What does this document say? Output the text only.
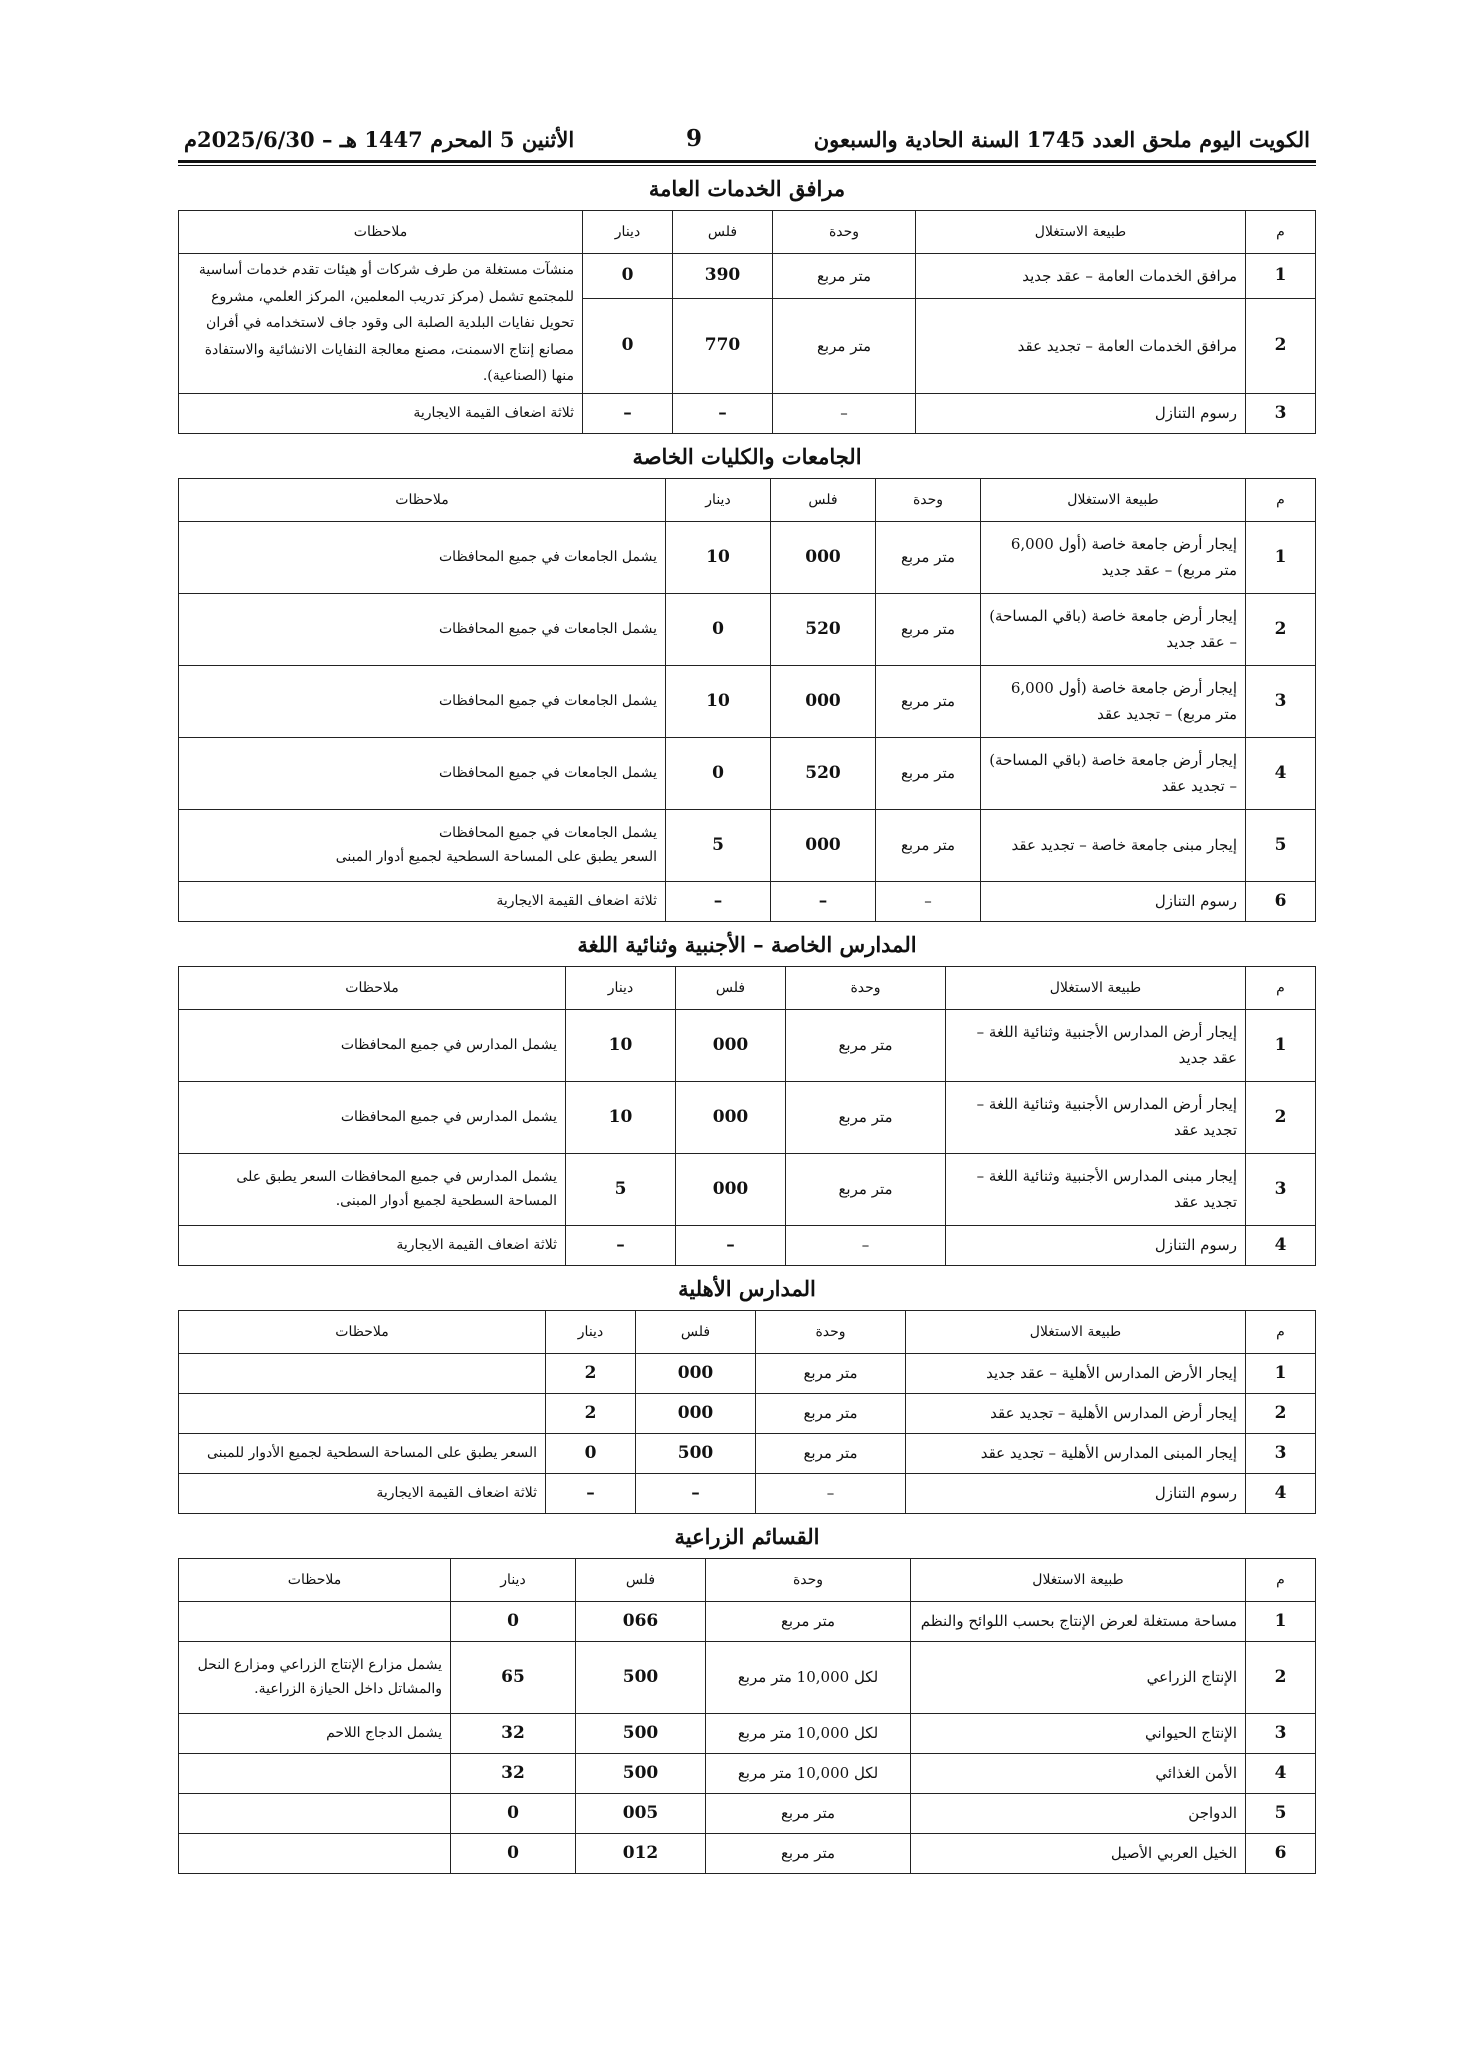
الكويت اليوم ملحق العدد 1745 السنة الحادية والسبعون
9
الأثنين 5 المحرم 1447 هـ – 2025/6/30م
مرافق الخدمات العامة
م	طبيعة الاستغلال	وحدة	فلس	دينار	ملاحظات
1	مرافق الخدمات العامة – عقد جديد	متر مربع	390	0	منشآت مستغلة من طرف شركات أو هيئات تقدم خدمات أساسية للمجتمع تشمل (مركز تدريب المعلمين، المركز العلمي، مشروع تحويل نفايات البلدية الصلبة الى وقود جاف لاستخدامه في أفران مصانع إنتاج الاسمنت، مصنع معالجة النفايات الانشائية والاستفادة منها (الصناعية).
2	مرافق الخدمات العامة – تجديد عقد	متر مربع	770	0	
3	رسوم التنازل	–	–	–	ثلاثة اضعاف القيمة الايجارية
الجامعات والكليات الخاصة
م	طبيعة الاستغلال	وحدة	فلس	دينار	ملاحظات
1	إيجار أرض جامعة خاصة (أول 6,000 متر مربع) – عقد جديد	متر مربع	000	10	يشمل الجامعات في جميع المحافظات
2	إيجار أرض جامعة خاصة (باقي المساحة) – عقد جديد	متر مربع	520	0	يشمل الجامعات في جميع المحافظات
3	إيجار أرض جامعة خاصة (أول 6,000 متر مربع) – تجديد عقد	متر مربع	000	10	يشمل الجامعات في جميع المحافظات
4	إيجار أرض جامعة خاصة (باقي المساحة) – تجديد عقد	متر مربع	520	0	يشمل الجامعات في جميع المحافظات
5	إيجار مبنى جامعة خاصة – تجديد عقد	متر مربع	000	5	يشمل الجامعات في جميع المحافظات
السعر يطبق على المساحة السطحية لجميع أدوار المبنى

6	رسوم التنازل	–	–	–	ثلاثة اضعاف القيمة الايجارية
المدارس الخاصة – الأجنبية وثنائية اللغة
م	طبيعة الاستغلال	وحدة	فلس	دينار	ملاحظات
1	إيجار أرض المدارس الأجنبية وثنائية اللغة – عقد جديد	متر مربع	000	10	يشمل المدارس في جميع المحافظات
2	إيجار أرض المدارس الأجنبية وثنائية اللغة – تجديد عقد	متر مربع	000	10	يشمل المدارس في جميع المحافظات
3	إيجار مبنى المدارس الأجنبية وثنائية اللغة – تجديد عقد	متر مربع	000	5	يشمل المدارس في جميع المحافظات السعر يطبق على المساحة السطحية لجميع أدوار المبنى.
4	رسوم التنازل	–	–	–	ثلاثة اضعاف القيمة الايجارية
المدارس الأهلية
م	طبيعة الاستغلال	وحدة	فلس	دينار	ملاحظات
1	إيجار الأرض المدارس الأهلية – عقد جديد	متر مربع	000	2	
2	إيجار أرض المدارس الأهلية – تجديد عقد	متر مربع	000	2	
3	إيجار المبنى المدارس الأهلية – تجديد عقد	متر مربع	500	0	السعر يطبق على المساحة السطحية لجميع الأدوار للمبنى
4	رسوم التنازل	–	–	–	ثلاثة اضعاف القيمة الايجارية
القسائم الزراعية
م	طبيعة الاستغلال	وحدة	فلس	دينار	ملاحظات
1	مساحة مستغلة لعرض الإنتاج بحسب اللوائح والنظم	متر مربع	066	0	
2	الإنتاج الزراعي	لكل 10,000 متر مربع	500	65	يشمل مزارع الإنتاج الزراعي ومزارع النحل والمشاتل داخل الحيازة الزراعية.
3	الإنتاج الحيواني	لكل 10,000 متر مربع	500	32	يشمل الدجاج اللاحم
4	الأمن الغذائي	لكل 10,000 متر مربع	500	32	
5	الدواجن	متر مربع	005	0	
6	الخيل العربي الأصيل	متر مربع	012	0	
